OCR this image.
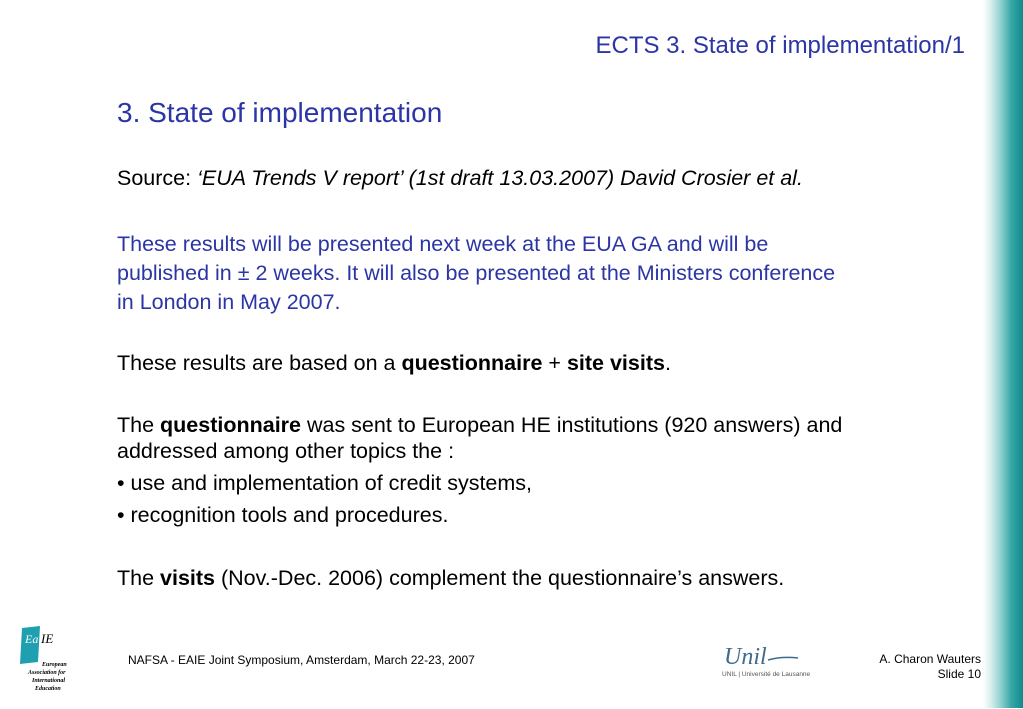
ECTS 3. State of implementation/1
3. State of implementation
Source: ‘EUA Trends V report’ (1st draft 13.03.2007) David Crosier et al.
These results will be presented next week at the EUA GA and will be
published in ± 2 weeks. It will also be presented at the Ministers conference
in London in May 2007.
These results are based on a questionnaire + site visits.
The questionnaire was sent to European HE institutions (920 answers) and
addressed among other topics the :
• use and implementation of credit systems,
• recognition tools and procedures.
The visits (Nov.-Dec. 2006) complement the questionnaire’s answers.
Ea IE
European
Association for
International
Education
NAFSA - EAIE Joint Symposium, Amsterdam, March 22-23, 2007	Unil
UNIL | Université de Lausanne
A. Charon Wauters
Slide 10
